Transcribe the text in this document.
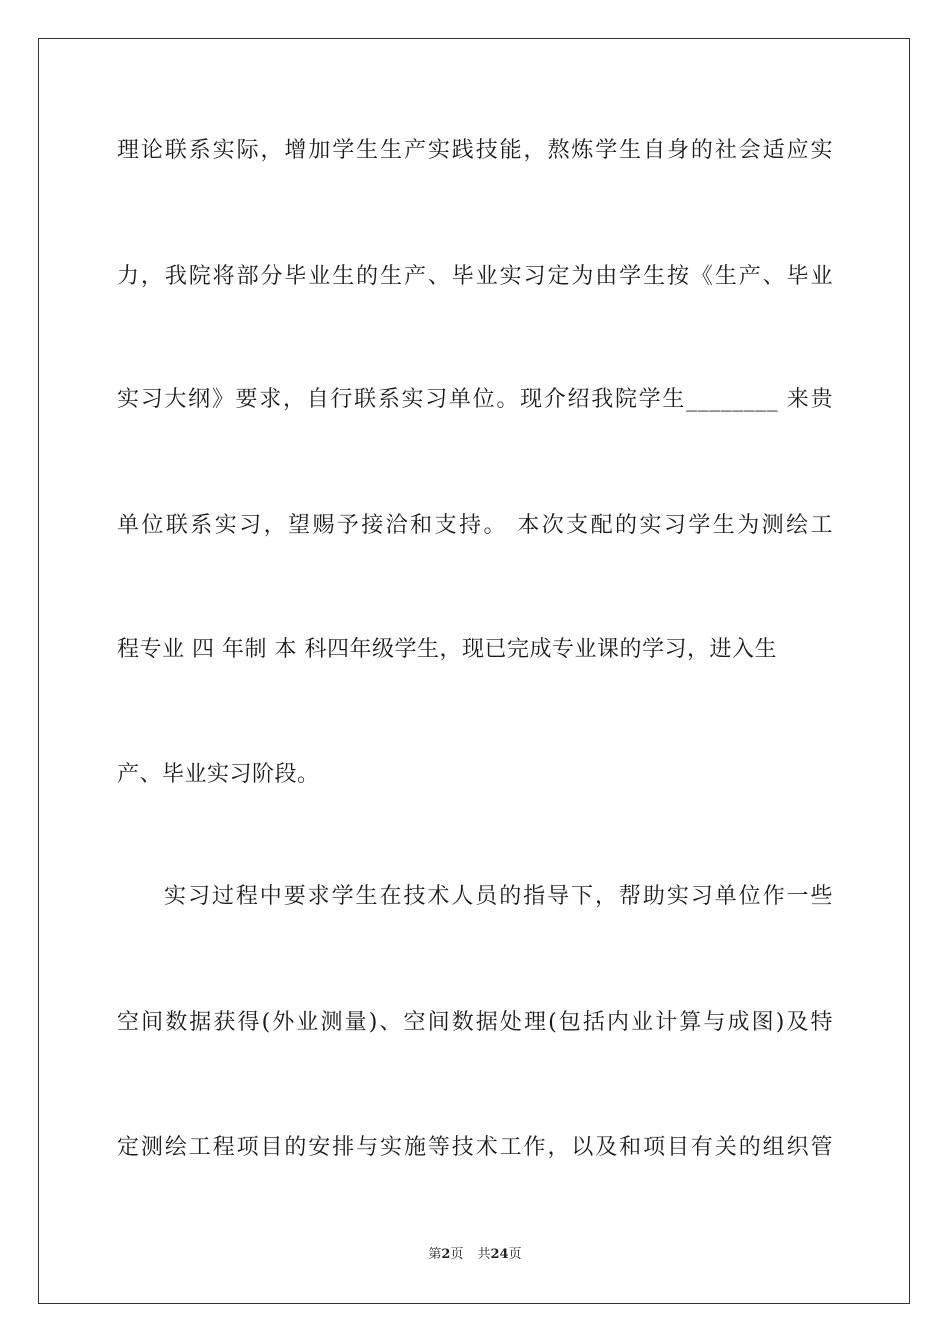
理论联系实际，增加学生生产实践技能，熬炼学生自身的社会适应实
力，我院将部分毕业生的生产、毕业实习定为由学生按《生产、毕业
实习大纲》要求，自行联系实习单位。现介绍我院学生________ 来贵
单位联系实习，望赐予接洽和支持。 本次支配的实习学生为测绘工
程专业 四 年制 本 科四年级学生，现已完成专业课的学习，进入生
产、毕业实习阶段。
实习过程中要求学生在技术人员的指导下，帮助实习单位作一些
空间数据获得(外业测量)、空间数据处理(包括内业计算与成图)及特
定测绘工程项目的安排与实施等技术工作，以及和项目有关的组织管
第2页 共24页
